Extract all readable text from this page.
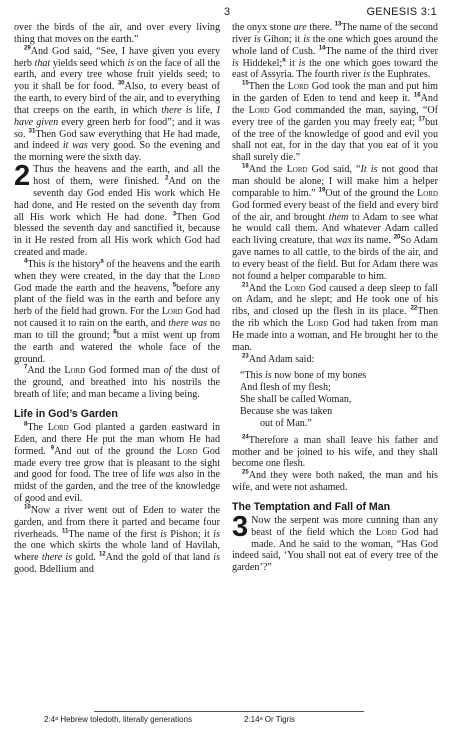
3	GENESIS 3:1

over the birds of the air, and over every living thing that moves on the earth.”

$^{29}$And God said, “See, I have given you every herb that yields seed which is on the face of all the earth, and every tree whose fruit yields seed; to you it shall be for food. $^{30}$Also, to every beast of the earth, to every bird of the air, and to everything that creeps on the earth, in which there is life, I have given every green herb for food”; and it was so. $^{31}$Then God saw everything that He had made, and indeed it was very good. So the evening and the morning were the sixth day.

2 Thus the heavens and the earth, and all the host of them, were finished. $^2$And on the seventh day God ended His work which He had done, and He rested on the seventh day from all His work which He had done. $^3$Then God blessed the seventh day and sanctified it, because in it He rested from all His work which God had created and made.

$^4$This is the history$^a$ of the heavens and the earth when they were created, in the day that the Lord God made the earth and the heavens, $^5$before any plant of the field was in the earth and before any herb of the field had grown. For the Lord God had not caused it to rain on the earth, and there was no man to till the ground; $^6$but a mist went up from the earth and watered the whole face of the ground.

$^7$And the Lord God formed man of the dust of the ground, and breathed into his nostrils the breath of life; and man became a living being.

Life in God’s Garden

$^8$The Lord God planted a garden eastward in Eden, and there He put the man whom He had formed. $^9$And out of the ground the Lord God made every tree grow that is pleasant to the sight and good for food. The tree of life was also in the midst of the garden, and the tree of the knowledge of good and evil.

$^{10}$Now a river went out of Eden to water the garden, and from there it parted and became four riverheads. $^{11}$The name of the first is Pishon; it is the one which skirts the whole land of Havilah, where there is gold. $^{12}$And the gold of that land is good. Bdellium and

the onyx stone are there. $^{13}$The name of the second river is Gihon; it is the one which goes around the whole land of Cush. $^{14}$The name of the third river is Hiddekel;$^a$ it is the one which goes toward the east of Assyria. The fourth river is the Euphrates.

$^{15}$Then the Lord God took the man and put him in the garden of Eden to tend and keep it. $^{16}$And the Lord God commanded the man, saying, “Of every tree of the garden you may freely eat; $^{17}$but of the tree of the knowledge of good and evil you shall not eat, for in the day that you eat of it you shall surely die.”

$^{18}$And the Lord God said, “It is not good that man should be alone; I will make him a helper comparable to him.” $^{19}$Out of the ground the Lord God formed every beast of the field and every bird of the air, and brought them to Adam to see what he would call them. And whatever Adam called each living creature, that was its name. $^{20}$So Adam gave names to all cattle, to the birds of the air, and to every beast of the field. But for Adam there was not found a helper comparable to him.

$^{21}$And the Lord God caused a deep sleep to fall on Adam, and he slept; and He took one of his ribs, and closed up the flesh in its place. $^{22}$Then the rib which the Lord God had taken from man He made into a woman, and He brought her to the man.

$^{23}$And Adam said:

“This is now bone of my bones
And flesh of my flesh;
She shall be called Woman,
Because she was taken
out of Man.”

$^{24}$Therefore a man shall leave his father and mother and be joined to his wife, and they shall become one flesh.

$^{25}$And they were both naked, the man and his wife, and were not ashamed.

The Temptation and Fall of Man

3 Now the serpent was more cunning than any beast of the field which the Lord God had made. And he said to the woman, “Has God indeed said, ‘You shall not eat of every tree of the garden’?”

2:4ᵃ Hebrew toledoth, literally generations	2:14ᵃ Or Tigris
